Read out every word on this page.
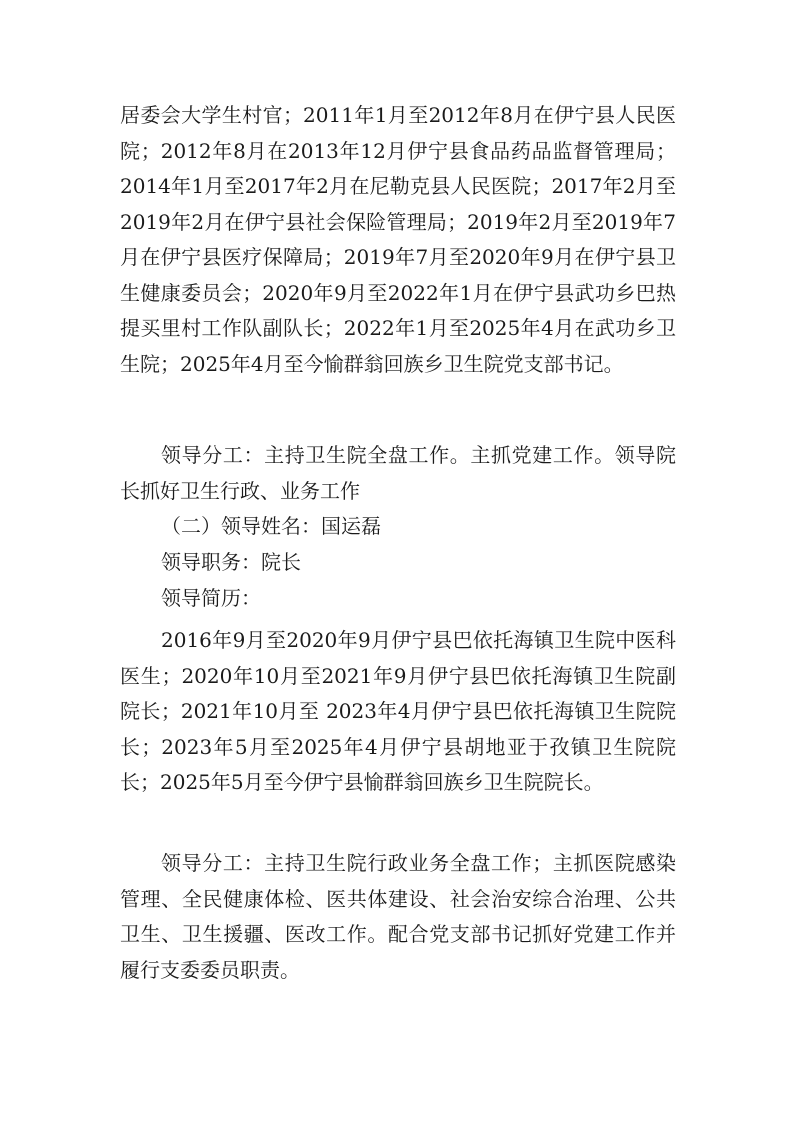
居委会大学生村官；2011年1月至2012年8月在伊宁县人民医院；2012年8月在2013年12月伊宁县食品药品监督管理局；2014年1月至2017年2月在尼勒克县人民医院；2017年2月至2019年2月在伊宁县社会保险管理局；2019年2月至2019年7月在伊宁县医疗保障局；2019年7月至2020年9月在伊宁县卫生健康委员会；2020年9月至2022年1月在伊宁县武功乡巴热提买里村工作队副队长；2022年1月至2025年4月在武功乡卫生院；2025年4月至今愉群翁回族乡卫生院党支部书记。

领导分工：主持卫生院全盘工作。主抓党建工作。领导院长抓好卫生行政、业务工作

（二）领导姓名：国运磊

领导职务：院长

领导简历：

2016年9月至2020年9月伊宁县巴依托海镇卫生院中医科医生；2020年10月至2021年9月伊宁县巴依托海镇卫生院副院长；2021年10月至 2023年4月伊宁县巴依托海镇卫生院院长；2023年5月至2025年4月伊宁县胡地亚于孜镇卫生院院长；2025年5月至今伊宁县愉群翁回族乡卫生院院长。

领导分工：主持卫生院行政业务全盘工作；主抓医院感染管理、全民健康体检、医共体建设、社会治安综合治理、公共卫生、卫生援疆、医改工作。配合党支部书记抓好党建工作并履行支委委员职责。
